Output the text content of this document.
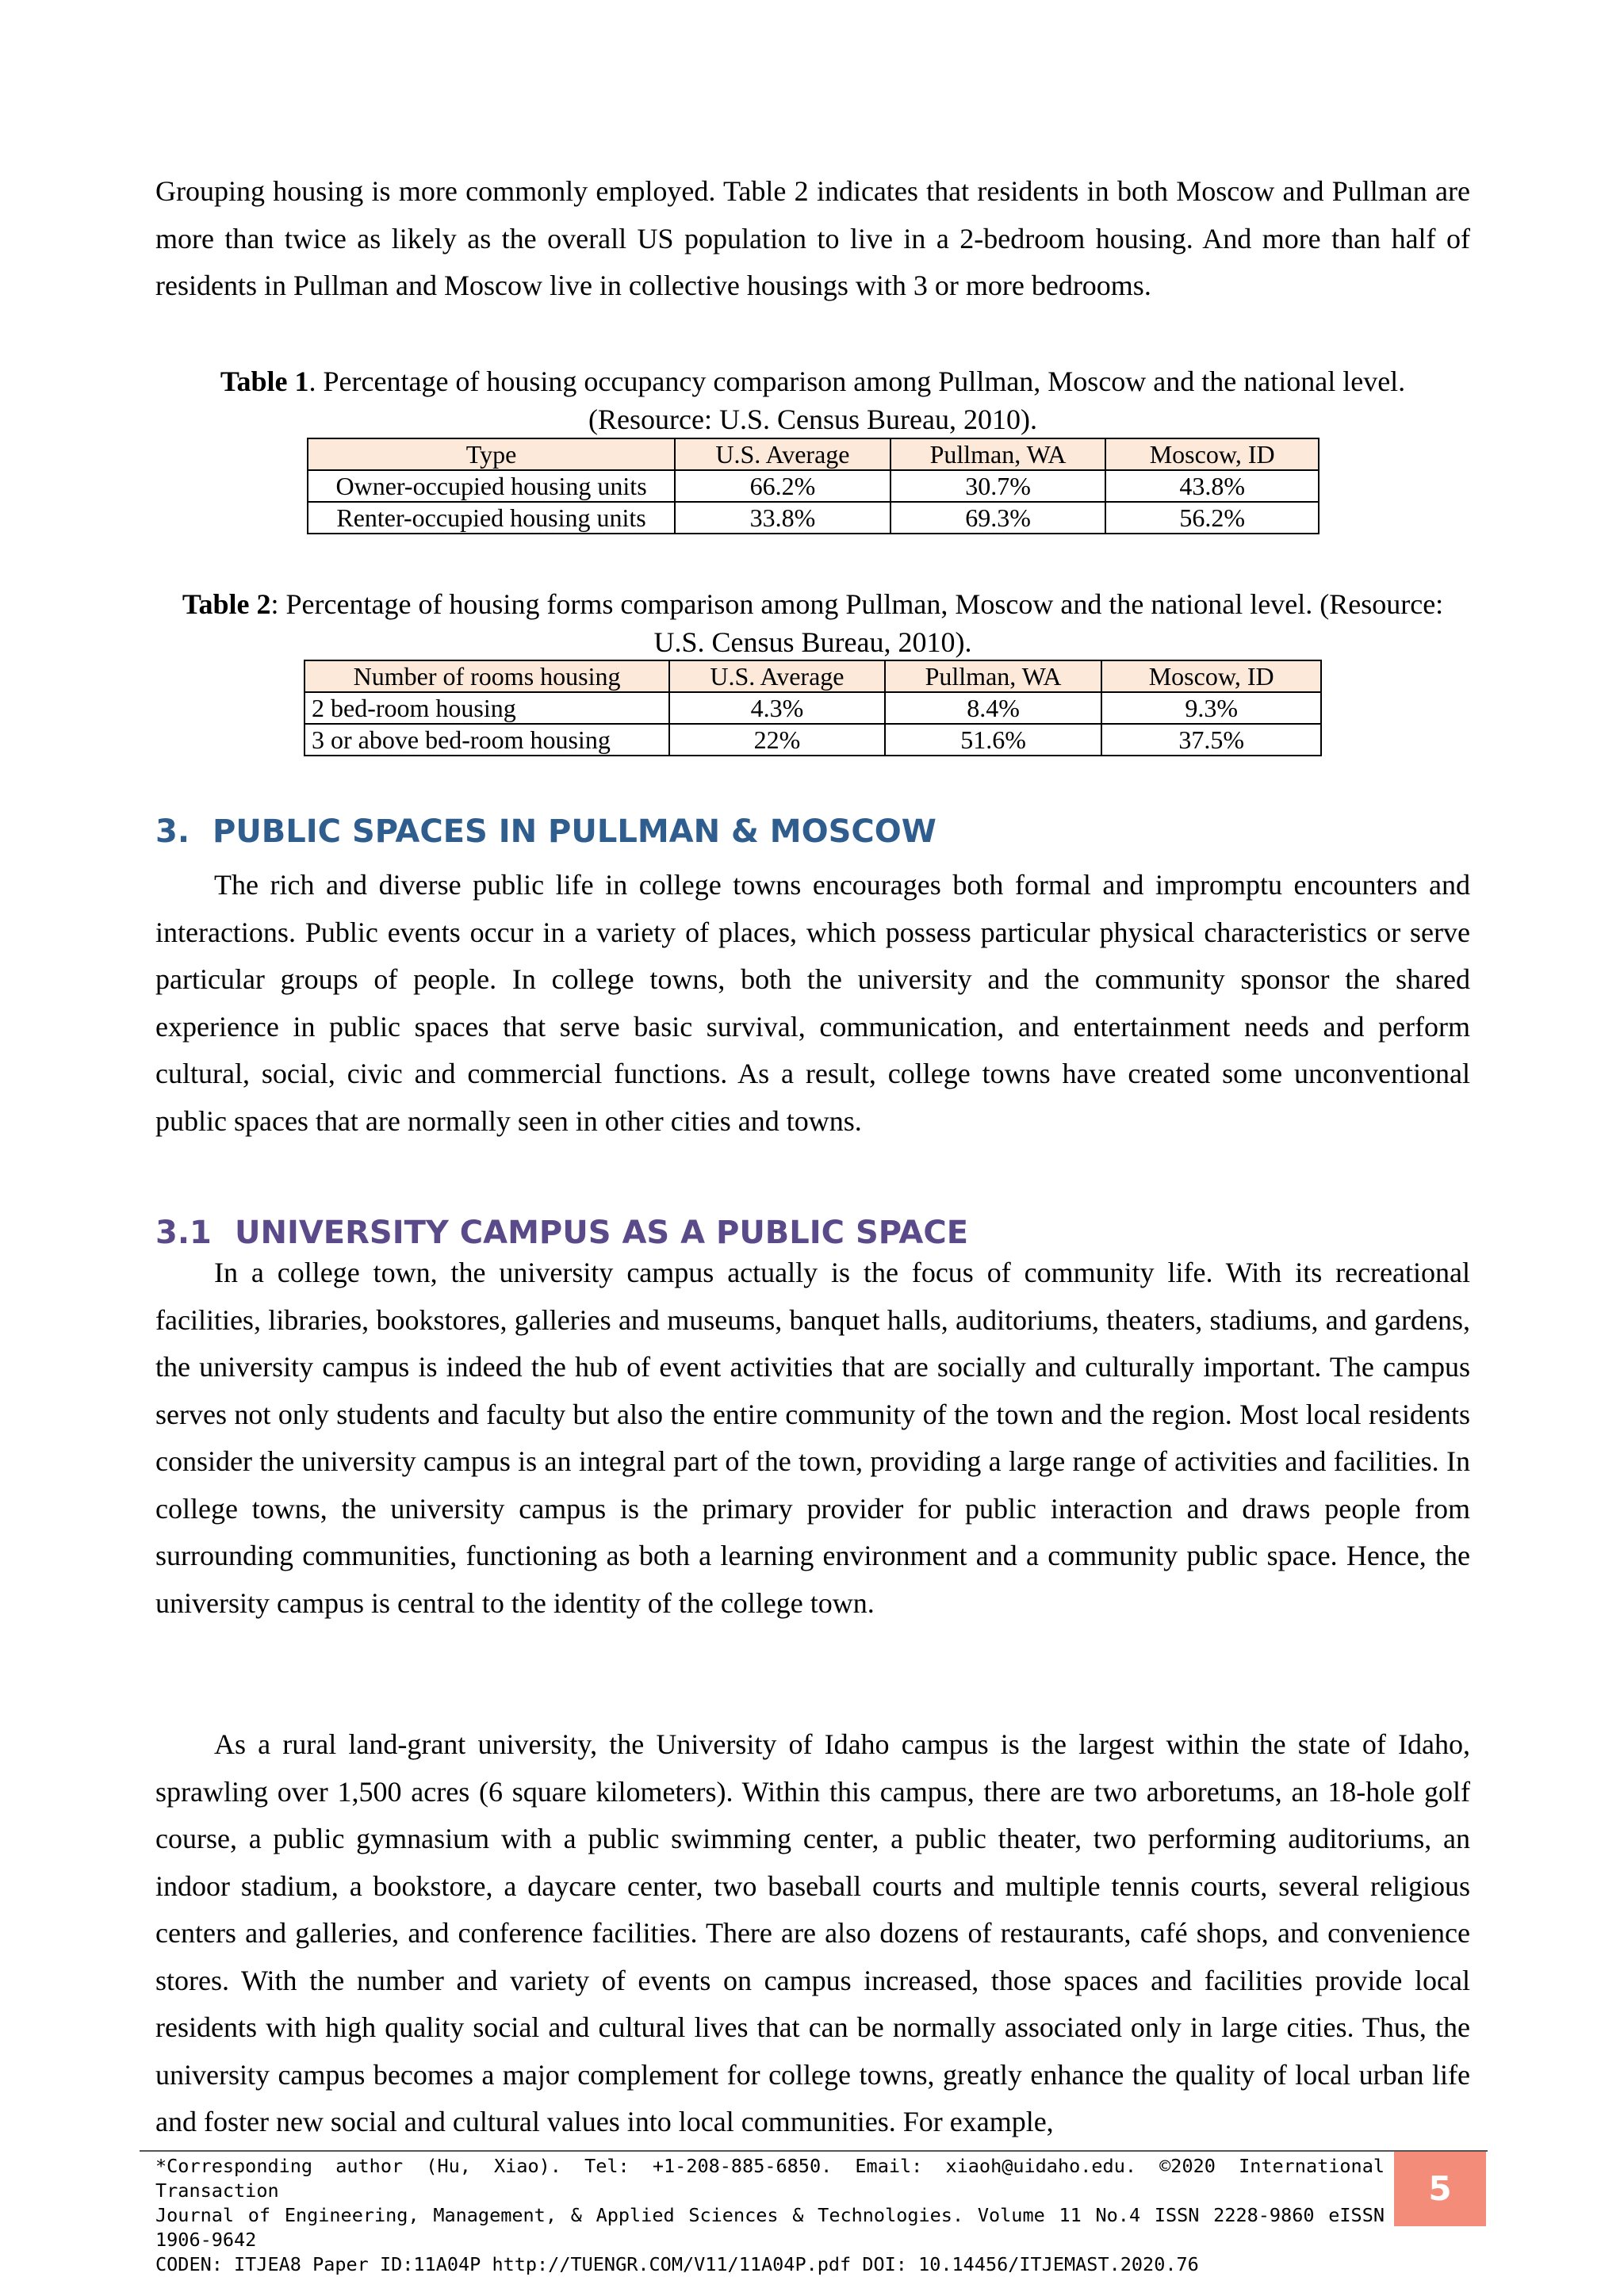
Grouping housing is more commonly employed. Table 2 indicates that residents in both Moscow and Pullman are more than twice as likely as the overall US population to live in a 2-bedroom housing. And more than half of residents in Pullman and Moscow live in collective housings with 3 or more bedrooms.

Table 1. Percentage of housing occupancy comparison among Pullman, Moscow and the national level. (Resource: U.S. Census Bureau, 2010).
Type	U.S. Average	Pullman, WA	Moscow, ID
Owner-occupied housing units	66.2%	30.7%	43.8%
Renter-occupied housing units	33.8%	69.3%	56.2%
Table 2: Percentage of housing forms comparison among Pullman, Moscow and the national level. (Resource: U.S. Census Bureau, 2010).
Number of rooms housing	U.S. Average	Pullman, WA	Moscow, ID
2 bed-room housing	4.3%	8.4%	9.3%
3 or above bed-room housing	22%	51.6%	37.5%
3. PUBLIC SPACES IN PULLMAN & MOSCOW

The rich and diverse public life in college towns encourages both formal and impromptu encounters and interactions. Public events occur in a variety of places, which possess particular physical characteristics or serve particular groups of people. In college towns, both the university and the community sponsor the shared experience in public spaces that serve basic survival, communication, and entertainment needs and perform cultural, social, civic and commercial functions. As a result, college towns have created some unconventional public spaces that are normally seen in other cities and towns.

3.1 UNIVERSITY CAMPUS AS A PUBLIC SPACE

In a college town, the university campus actually is the focus of community life. With its recreational facilities, libraries, bookstores, galleries and museums, banquet halls, auditoriums, theaters, stadiums, and gardens, the university campus is indeed the hub of event activities that are socially and culturally important. The campus serves not only students and faculty but also the entire community of the town and the region. Most local residents consider the university campus is an integral part of the town, providing a large range of activities and facilities. In college towns, the university campus is the primary provider for public interaction and draws people from surrounding communities, functioning as both a learning environment and a community public space. Hence, the university campus is central to the identity of the college town.

As a rural land-grant university, the University of Idaho campus is the largest within the state of Idaho, sprawling over 1,500 acres (6 square kilometers). Within this campus, there are two arboretums, an 18-hole golf course, a public gymnasium with a public swimming center, a public theater, two performing auditoriums, an indoor stadium, a bookstore, a daycare center, two baseball courts and multiple tennis courts, several religious centers and galleries, and conference facilities. There are also dozens of restaurants, café shops, and convenience stores. With the number and variety of events on campus increased, those spaces and facilities provide local residents with high quality social and cultural lives that can be normally associated only in large cities. Thus, the university campus becomes a major complement for college towns, greatly enhance the quality of local urban life and foster new social and cultural values into local communities. For example,

*Corresponding author (Hu, Xiao). Tel: +1-208-885-6850. Email: xiaoh@uidaho.edu. ©2020 International Transaction
Journal of Engineering, Management, & Applied Sciences & Technologies. Volume 11 No.4 ISSN 2228-9860 eISSN 1906-9642
CODEN: ITJEA8 Paper ID:11A04P http://TUENGR.COM/V11/11A04P.pdf DOI: 10.14456/ITJEMAST.2020.76
5
